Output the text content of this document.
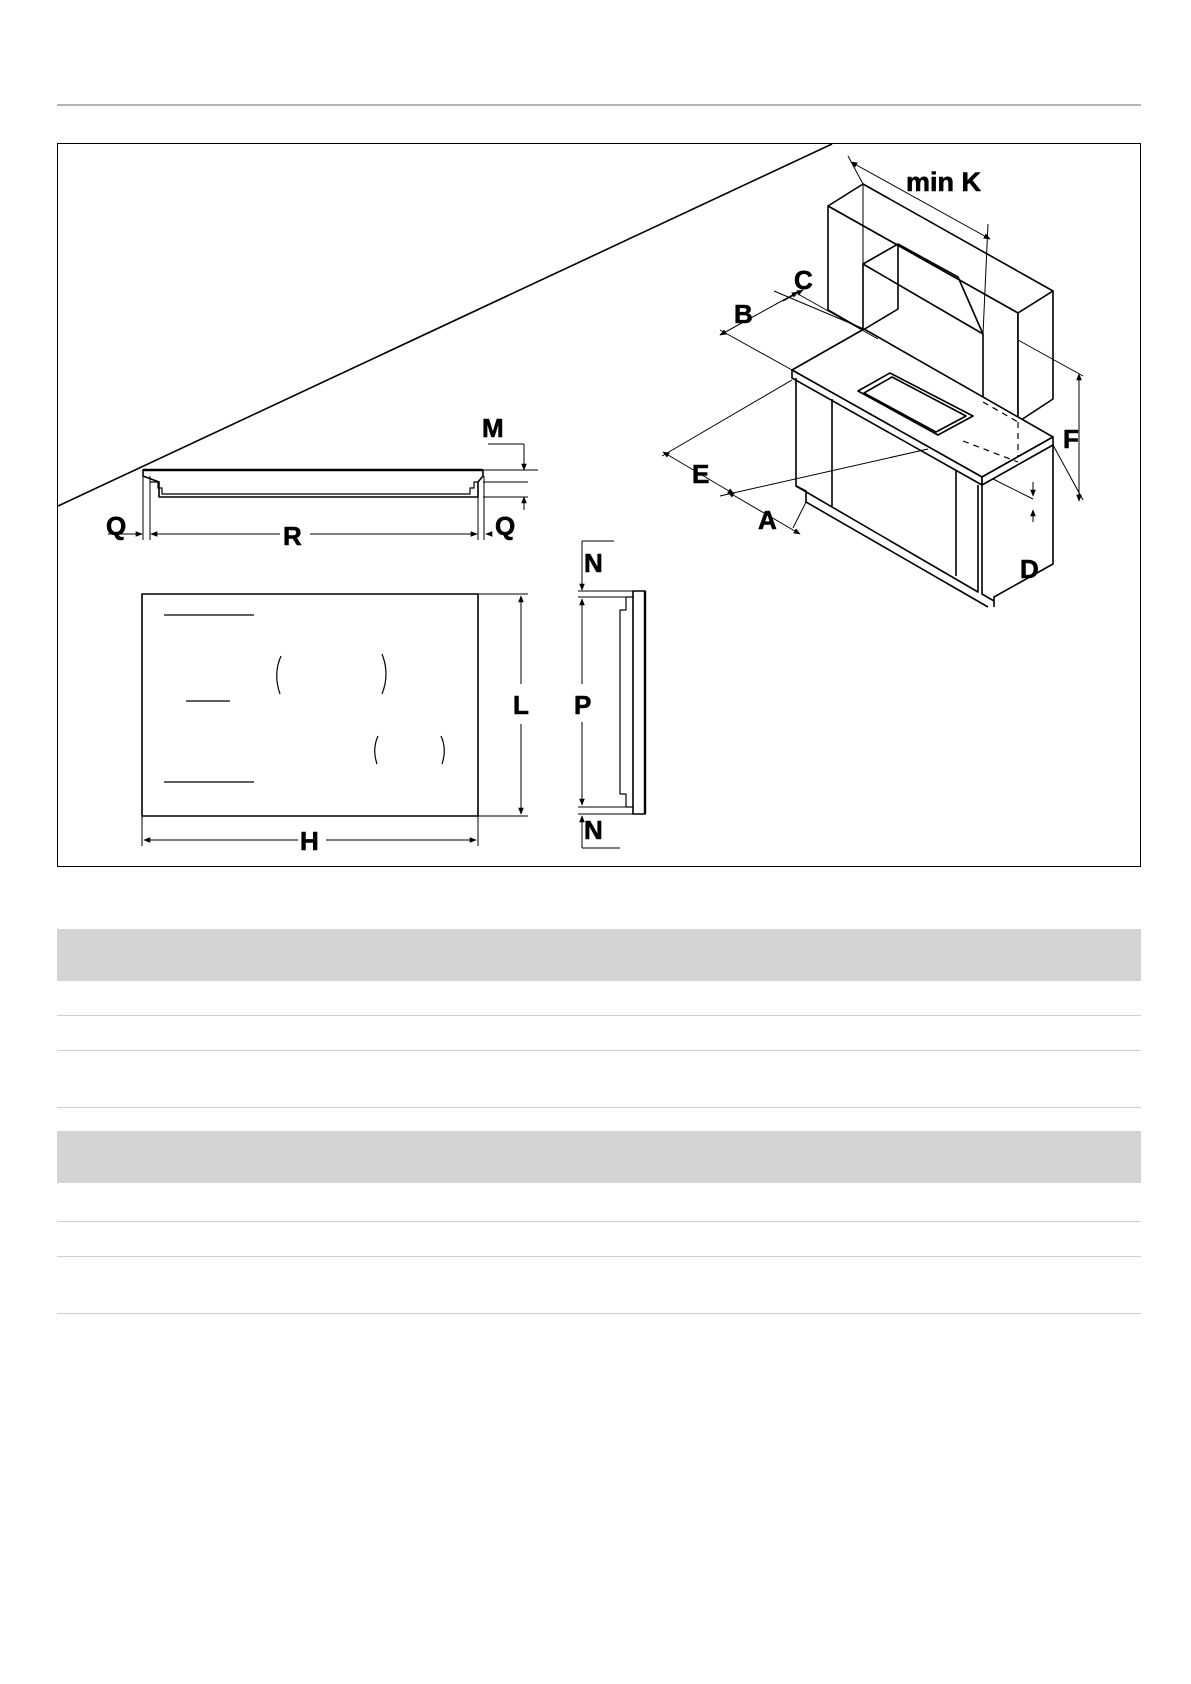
min K
C
B
F
E
A
D
M
Q	R	Q
N
L P
H	N
